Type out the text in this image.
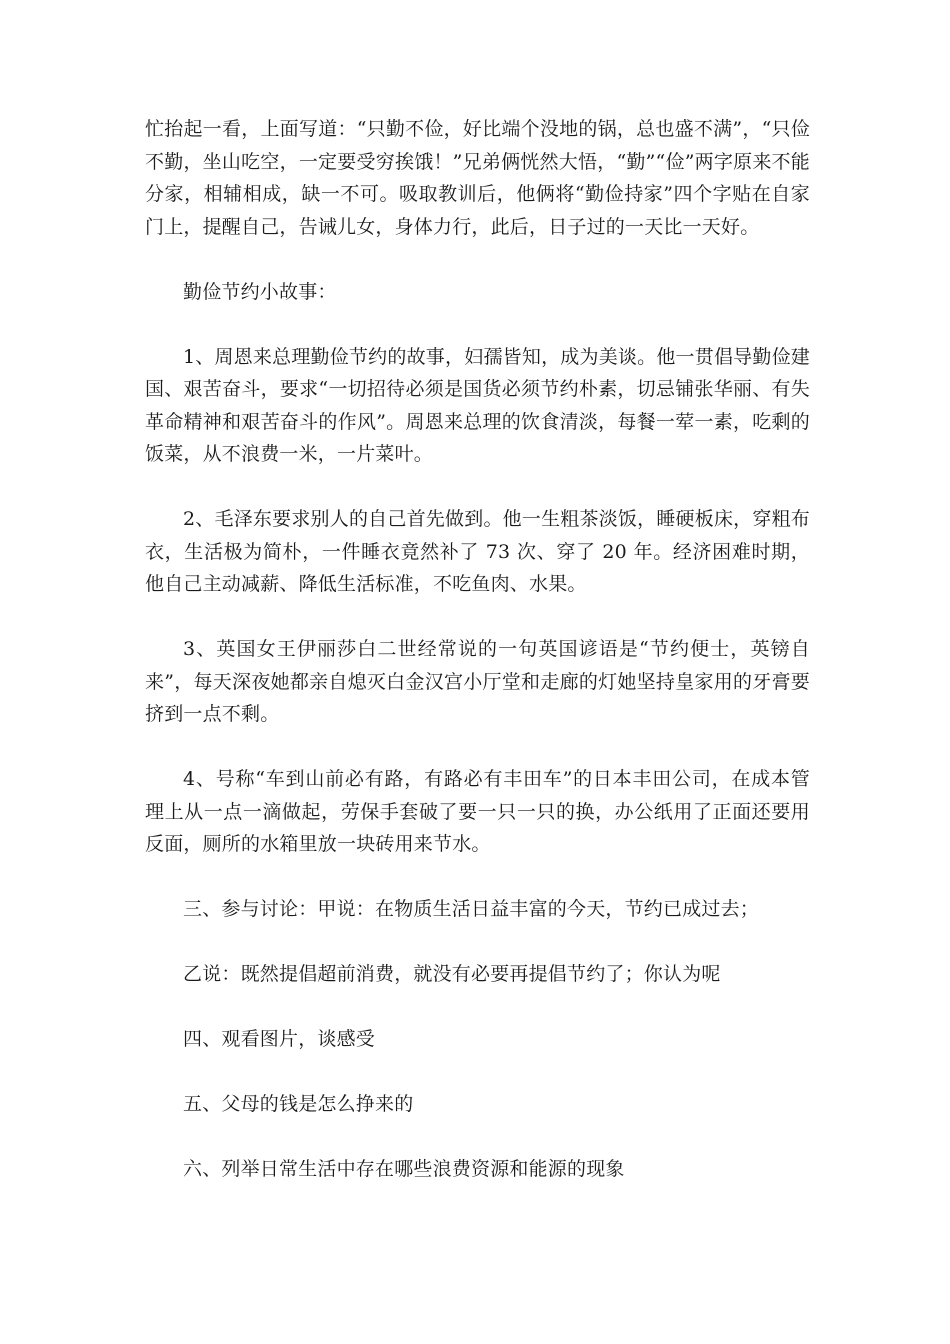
忙抬起一看，上面写道：“只勤不俭，好比端个没地的锅，总也盛不满”，“只俭不勤，坐山吃空，一定要受穷挨饿！”兄弟俩恍然大悟，“勤”“俭”两字原来不能分家，相辅相成，缺一不可。吸取教训后，他俩将“勤俭持家”四个字贴在自家门上，提醒自己，告诫儿女，身体力行，此后，日子过的一天比一天好。

勤俭节约小故事：

1、周恩来总理勤俭节约的故事，妇孺皆知，成为美谈。他一贯倡导勤俭建国、艰苦奋斗，要求“一切招待必须是国货必须节约朴素，切忌铺张华丽、有失革命精神和艰苦奋斗的作风”。周恩来总理的饮食清淡，每餐一荤一素，吃剩的饭菜，从不浪费一米，一片菜叶。

2、毛泽东要求别人的自己首先做到。他一生粗茶淡饭，睡硬板床，穿粗布衣，生活极为简朴，一件睡衣竟然补了 73 次、穿了 20 年。经济困难时期，他自己主动减薪、降低生活标准，不吃鱼肉、水果。

3、英国女王伊丽莎白二世经常说的一句英国谚语是“节约便士，英镑自来”，每天深夜她都亲自熄灭白金汉宫小厅堂和走廊的灯她坚持皇家用的牙膏要挤到一点不剩。

4、号称“车到山前必有路，有路必有丰田车”的日本丰田公司，在成本管理上从一点一滴做起，劳保手套破了要一只一只的换，办公纸用了正面还要用反面，厕所的水箱里放一块砖用来节水。

三、参与讨论：甲说：在物质生活日益丰富的今天，节约已成过去；

乙说：既然提倡超前消费，就没有必要再提倡节约了；你认为呢

四、观看图片，谈感受

五、父母的钱是怎么挣来的

六、列举日常生活中存在哪些浪费资源和能源的现象
